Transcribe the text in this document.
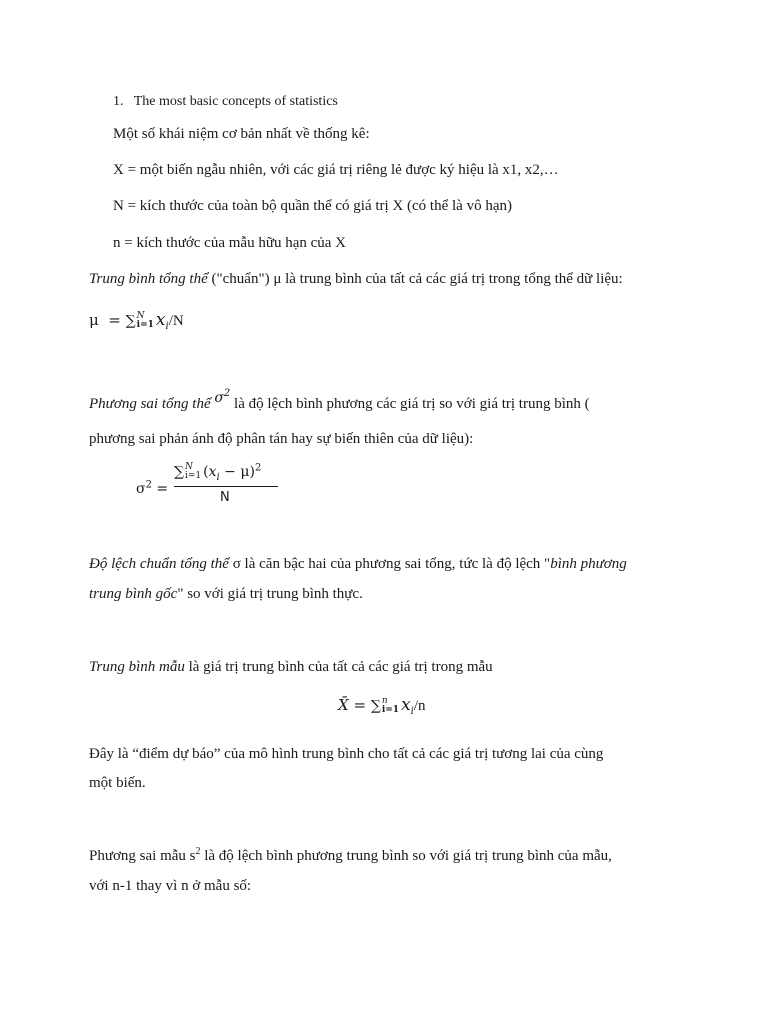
1. The most basic concepts of statistics
Một số khái niệm cơ bản nhất về thống kê:
X = một biến ngẫu nhiên, với các giá trị riêng lẻ được ký hiệu là x1, x2,…
N = kích thước của toàn bộ quần thể có giá trị X (có thể là vô hạn)
n = kích thước của mẫu hữu hạn của X
Trung bình tổng thể ("chuẩn") μ là trung bình của tất cả các giá trị trong tổng thể dữ liệu:
μ = ∑ N
i=1 $x_i/N$
Phương sai tổng thể $\sigma^2$ là độ lệch bình phương các giá trị so với giá trị trung bình (
phương sai phản ánh độ phân tán hay sự biến thiên của dữ liệu):
$\sigma^2$ =
∑ N
i=1 $(x_i - \mu)^2$
N
Độ lệch chuẩn tổng thể σ là căn bậc hai của phương sai tổng, tức là độ lệch "bình phương
trung bình gốc" so với giá trị trung bình thực.
Trung bình mẫu là giá trị trung bình của tất cả các giá trị trong mẫu
X̄ = ∑ n
i=1 $x_i/n$
Đây là “điểm dự báo” của mô hình trung bình cho tất cả các giá trị tương lai của cùng
một biến.
Phương sai mẫu $s^2$ là độ lệch bình phương trung bình so với giá trị trung bình của mẫu,
với n-1 thay vì n ở mẫu số:
